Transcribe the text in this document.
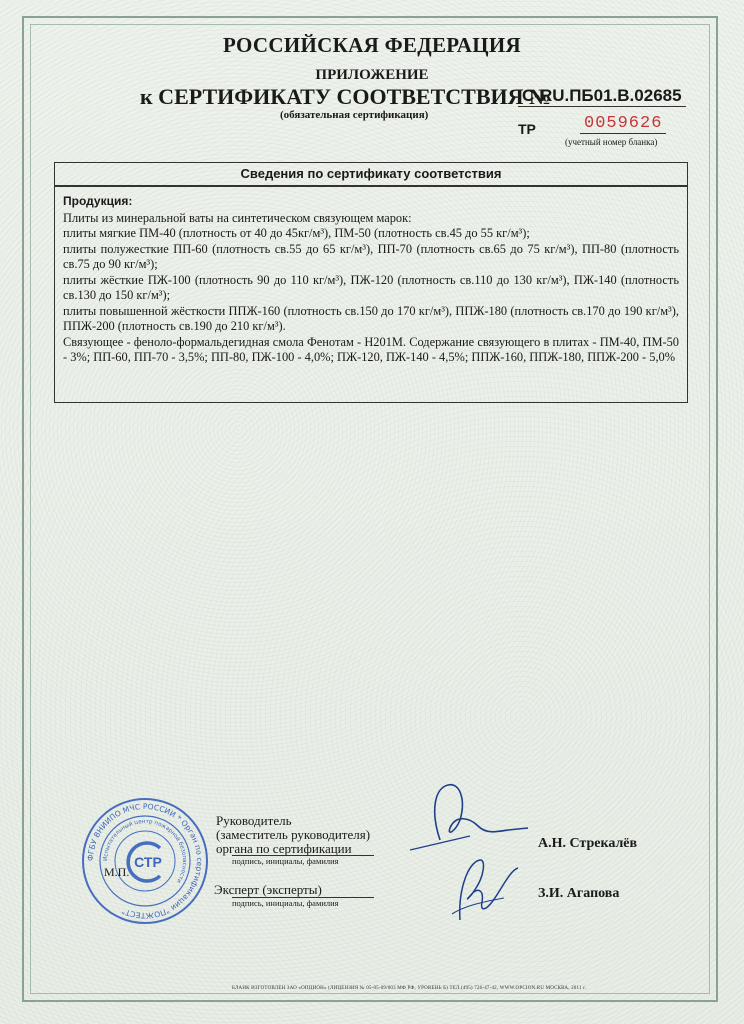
РОССИЙСКАЯ ФЕДЕРАЦИЯ
ПРИЛОЖЕНИЕ
к СЕРТИФИКАТУ СООТВЕТСТВИЯ №
С-RU.ПБ01.В.02685
(обязательная сертификация)
ТР	0059626
(учетный номер бланка)
Сведения по сертификату соответствия
Продукция:

Плиты из минеральной ваты на синтетическом связующем марок:

плиты мягкие ПМ-40 (плотность от 40 до 45кг/м³), ПМ-50 (плотность св.45 до 55 кг/м³);

плиты полужесткие ПП-60 (плотность св.55 до 65 кг/м³), ПП-70 (плотность св.65 до 75 кг/м³), ПП-80 (плотность св.75 до 90 кг/м³);

плиты жёсткие ПЖ-100 (плотность 90 до 110 кг/м³), ПЖ-120 (плотность св.110 до 130 кг/м³), ПЖ-140 (плотность св.130 до 150 кг/м³);

плиты повышенной жёсткости ППЖ-160 (плотность св.150 до 170 кг/м³), ППЖ-180 (плотность св.170 до 190 кг/м³), ППЖ-200 (плотность св.190 до 210 кг/м³).

Связующее - феноло-формальдегидная смола Фенотам - Н201М. Содержание связующего в плитах - ПМ-40, ПМ-50 - 3%; ПП-60, ПП-70 - 3,5%; ПП-80, ПЖ-100 - 4,0%; ПЖ-120, ПЖ-140 - 4,5%; ППЖ-160, ППЖ-180, ППЖ-200 - 5,0%

ФГБУ ВНИИПО МЧС РОССИИ * Орган по сертификации "ПОЖТЕСТ"
Испытательный центр пожарной безопасности
СТР
Руководитель
(заместитель руководителя)
органа по сертификации
подпись, инициалы, фамилия
М.П.
Эксперт (эксперты)
подпись, инициалы, фамилия
А.Н. Стрекалёв
З.И. Агапова
БЛАНК ИЗГОТОВЛЕН ЗАО «ОПЦИОН» (ЛИЦЕНЗИЯ № 05-05-09/003 МФ РФ, УРОВЕНЬ Б) ТЕЛ.(495) 726-47-42, WWW.OPCION.RU МОСКВА, 2011 г.
